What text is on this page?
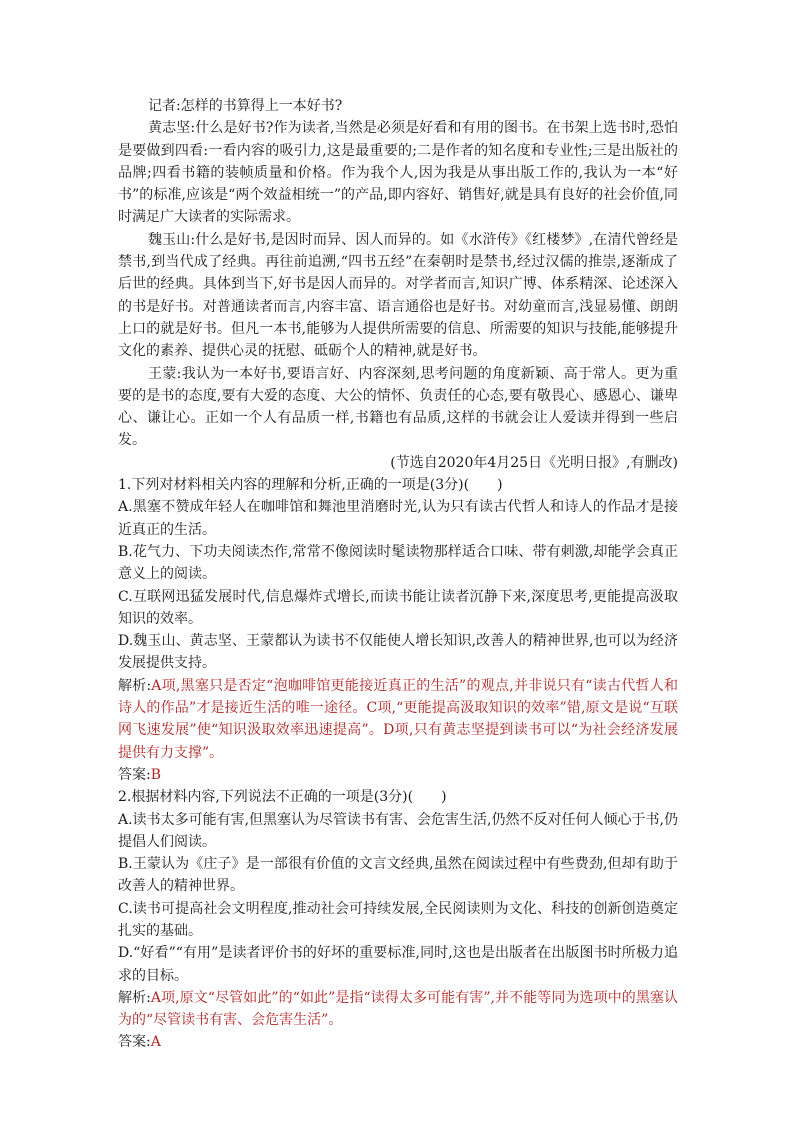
记者:怎样的书算得上一本好书?

黄志坚:什么是好书?作为读者,当然是必须是好看和有用的图书。在书架上选书时,恐怕是要做到四看:一看内容的吸引力,这是最重要的;二是作者的知名度和专业性;三是出版社的品牌;四看书籍的装帧质量和价格。作为我个人,因为我是从事出版工作的,我认为一本“好书”的标准,应该是“两个效益相统一”的产品,即内容好、销售好,就是具有良好的社会价值,同时满足广大读者的实际需求。

魏玉山:什么是好书,是因时而异、因人而异的。如《水浒传》《红楼梦》,在清代曾经是禁书,到当代成了经典。再往前追溯,“四书五经”在秦朝时是禁书,经过汉儒的推崇,逐渐成了后世的经典。具体到当下,好书是因人而异的。对学者而言,知识广博、体系精深、论述深入的书是好书。对普通读者而言,内容丰富、语言通俗也是好书。对幼童而言,浅显易懂、朗朗上口的就是好书。但凡一本书,能够为人提供所需要的信息、所需要的知识与技能,能够提升文化的素养、提供心灵的抚慰、砥砺个人的精神,就是好书。

王蒙:我认为一本好书,要语言好、内容深刻,思考问题的角度新颖、高于常人。更为重要的是书的态度,要有大爱的态度、大公的情怀、负责任的心态,要有敬畏心、感恩心、谦卑心、谦让心。正如一个人有品质一样,书籍也有品质,这样的书就会让人爱读并得到一些启发。

(节选自2020年4月25日《光明日报》,有删改)

1.下列对材料相关内容的理解和分析,正确的一项是(3分)(　　)

A.黑塞不赞成年轻人在咖啡馆和舞池里消磨时光,认为只有读古代哲人和诗人的作品才是接近真正的生活。

B.花气力、下功夫阅读杰作,常常不像阅读时髦读物那样适合口味、带有刺激,却能学会真正意义上的阅读。

C.互联网迅猛发展时代,信息爆炸式增长,而读书能让读者沉静下来,深度思考,更能提高汲取知识的效率。

D.魏玉山、黄志坚、王蒙都认为读书不仅能使人增长知识,改善人的精神世界,也可以为经济发展提供支持。

解析:A项,黑塞只是否定“泡咖啡馆更能接近真正的生活”的观点,并非说只有“读古代哲人和诗人的作品”才是接近生活的唯一途径。C项,“更能提高汲取知识的效率”错,原文是说“互联网飞速发展”使“知识汲取效率迅速提高”。D项,只有黄志坚提到读书可以“为社会经济发展提供有力支撑”。

答案:B

2.根据材料内容,下列说法不正确的一项是(3分)(　　)

A.读书太多可能有害,但黑塞认为尽管读书有害、会危害生活,仍然不反对任何人倾心于书,仍提倡人们阅读。

B.王蒙认为《庄子》是一部很有价值的文言文经典,虽然在阅读过程中有些费劲,但却有助于改善人的精神世界。

C.读书可提高社会文明程度,推动社会可持续发展,全民阅读则为文化、科技的创新创造奠定扎实的基础。

D.“好看”“有用”是读者评价书的好坏的重要标准,同时,这也是出版者在出版图书时所极力追求的目标。

解析:A项,原文“尽管如此”的“如此”是指“读得太多可能有害”,并不能等同为选项中的黑塞认为的“尽管读书有害、会危害生活”。

答案:A
